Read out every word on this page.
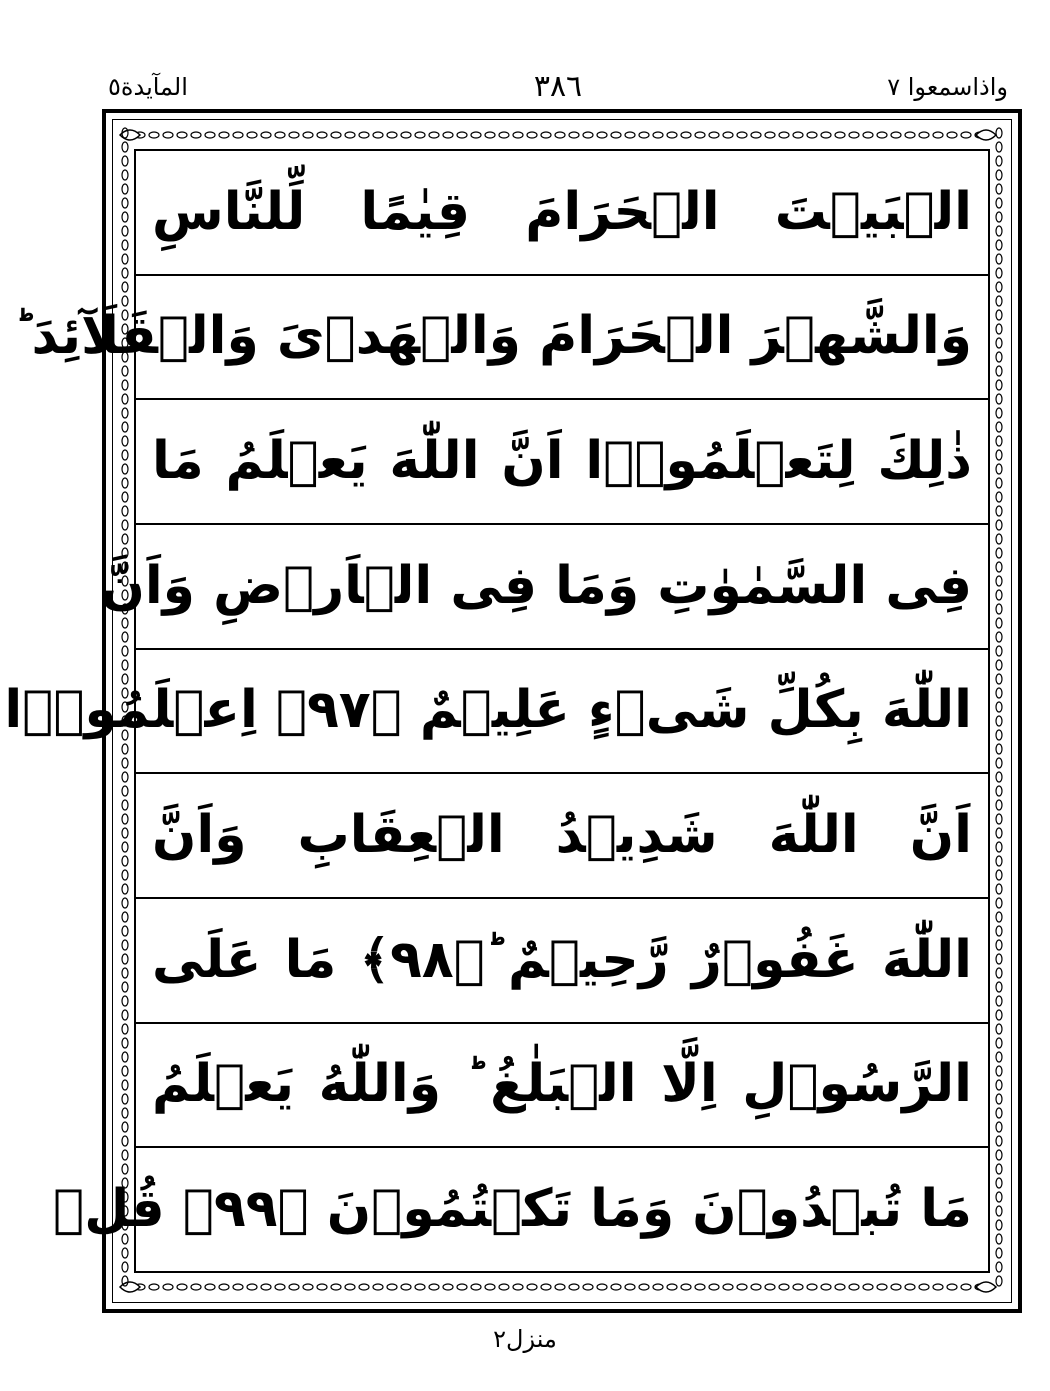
واذاسمعوا ٧
٣٨٦
المآيدة٥
الۡبَيۡتَ الۡحَرَامَ قِيٰمًا لِّلنَّاسِ
وَالشَّهۡرَ الۡحَرَامَ وَالۡهَدۡىَ وَالۡقَلَآئِدَ ؕ
ذٰلِكَ لِتَعۡلَمُوۡۤا اَنَّ اللّٰهَ يَعۡلَمُ مَا
فِى السَّمٰوٰتِ وَمَا فِى الۡاَرۡضِ وَاَنَّ
اللّٰهَ بِكُلِّ شَىۡءٍ عَلِيۡمٌ ﴿٩٧﴾ اِعۡلَمُوۡۤا
اَنَّ اللّٰهَ شَدِيۡدُ الۡعِقَابِ وَاَنَّ
اللّٰهَ غَفُوۡرٌ رَّحِيۡمٌ ؕ﴿٩٨﴾ مَا عَلَى
الرَّسُوۡلِ اِلَّا الۡبَلٰغُ ؕ وَاللّٰهُ يَعۡلَمُ
مَا تُبۡدُوۡنَ وَمَا تَكۡتُمُوۡنَ ﴿٩٩﴾ قُلۡ
منزل٢
